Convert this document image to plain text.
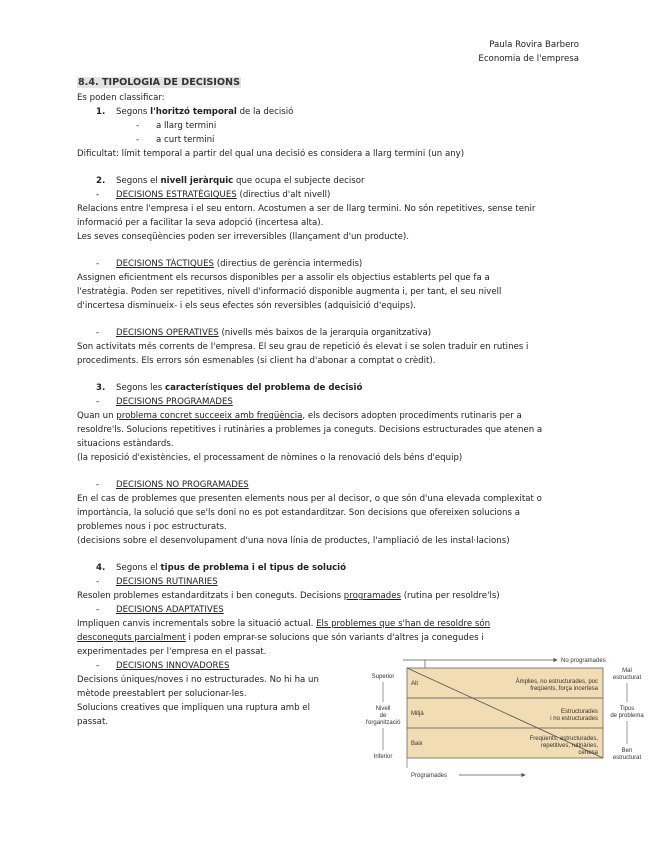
Paula Rovira Barbero
Economia de l'empresa
8.4. TIPOLOGIA DE DECISIONS
Es poden classificar:
1. Segons l'horitzó temporal de la decisió
- a llarg termini
- a curt termini
Dificultat: límit temporal a partir del qual una decisió es considera a llarg termini (un any)
2. Segons el nivell jeràrquic que ocupa el subjecte decisor
- DECISIONS ESTRATÈGIQUES (directius d'alt nivell)
Relacions entre l'empresa i el seu entorn. Acostumen a ser de llarg termini. No són repetitives, sense tenir
informació per a facilitar la seva adopció (incertesa alta).
Les seves conseqüències poden ser irreversibles (llançament d'un producte).
- DECISIONS TÀCTIQUES (directius de gerència intermedis)
Assignen eficientment els recursos disponibles per a assolir els objectius establerts pel que fa a
l'estratègia. Poden ser repetitives, nivell d'informació disponible augmenta i, per tant, el seu nivell
d'incertesa disminueix- i els seus efectes són reversibles (adquisició d'equips).
- DECISIONS OPERATIVES (nivells més baixos de la jerarquia organitzativa)
Son activitats més corrents de l'empresa. El seu grau de repetició és elevat i se solen traduir en rutines i
procediments. Els errors són esmenables (si client ha d'abonar a comptat o crèdit).
3. Segons les característiques del problema de decisió
- DECISIONS PROGRAMADES
Quan un problema concret succeeix amb freqüència, els decisors adopten procediments rutinaris per a
resoldre'ls. Solucions repetitives i rutinàries a problemes ja coneguts. Decisions estructurades que atenen a
situacions estàndards.
(la reposició d'existències, el processament de nòmines o la renovació dels béns d'equip)
- DECISIONS NO PROGRAMADES
En el cas de problemes que presenten elements nous per al decisor, o que són d'una elevada complexitat o
importància, la solució que se'ls doni no es pot estandarditzar. Son decisions que ofereixen solucions a
problemes nous i poc estructurats.
(decisions sobre el desenvolupament d'una nova línia de productes, l'ampliació de les instal·lacions)
4. Segons el tipus de problema i el tipus de solució
- DECISIONS RUTINARIES
Resolen problemes estandarditzats i ben coneguts. Decisions programades (rutina per resoldre'ls)
- DECISIONS ADAPTATIVES
Impliquen canvis incrementals sobre la situació actual. Els problemes que s'han de resoldre són
desconeguts parcialment i poden emprar-se solucions que són variants d'altres ja conegudes i
experimentades per l'empresa en el passat.
- DECISIONS INNOVADORES
Decisions úniques/noves i no estructurades. No hi ha un
mètode preestablert per solucionar-les.
Solucions creatives que impliquen una ruptura amb el
passat.
No programades
Alt
Mitjà
Baix
Àmplies, no estructurades, poc
freqüents, força incertesa
Estructurades
i no estructurades
Freqüents, estructurades,
repetitives, rutinàries,
certesa
Superior
Nivell
de
l'organització
Inferior
Mal
estructurat
Tipus
de problema
Ben
estructurat
Programades
